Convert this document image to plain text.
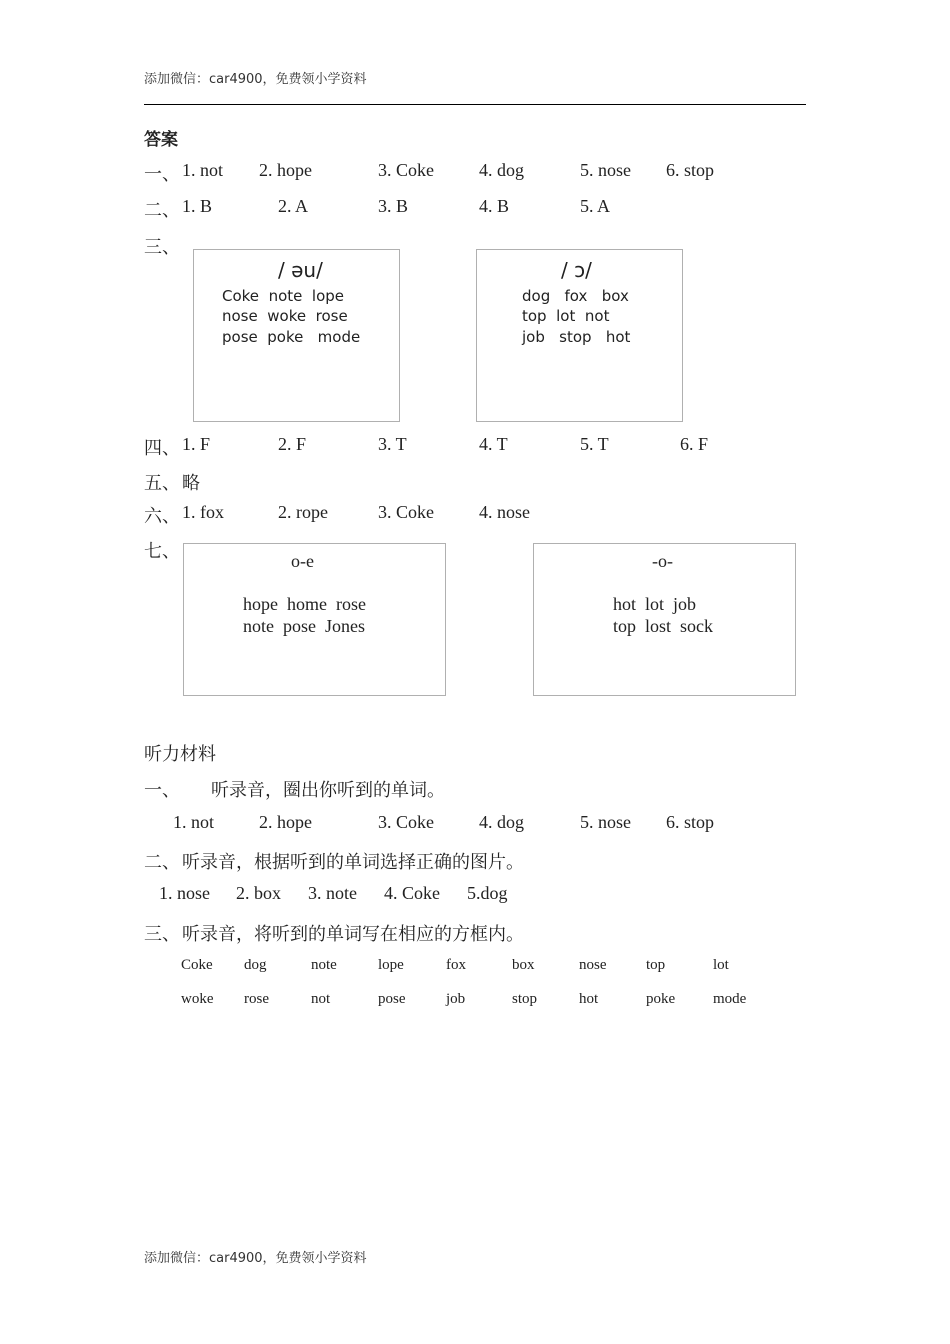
添加微信：car4900，免费领小学资料
答案
一、 1. not 2. hope	3. Coke	4. dog	5. nose 6. stop
二、 1. B	2. A	3. B	4. B	5. A
三、
/ əu/
Coke  note  lope
nose  woke  rose
pose  poke   mode
/ ɔ/
dog   fox   box
top  lot  not
job   stop   hot
四、 1. F	2. F	3. T	4. T	5. T	6. F
五、 略
六、 1. fox	2. rope	3. Coke	4. nose
七、	o-e
hope  home  rose
note  pose  Jones
-o-
hot  lot  job
top  lost  sock
听力材料
一、 听录音，圈出你听到的单词。
1. not 2. hope	3. Coke	4. dog	5. nose 6. stop
二、 听录音，根据听到的单词选择正确的图片。
1. nose 2. box 3. note 4. Coke 5.dog
三、 听录音，将听到的单词写在相应的方框内。
Coke dog	note	lope	fox	box	nose	top	lot
woke rose	not	pose	job	stop	hot	poke	mode
添加微信：car4900，免费领小学资料
